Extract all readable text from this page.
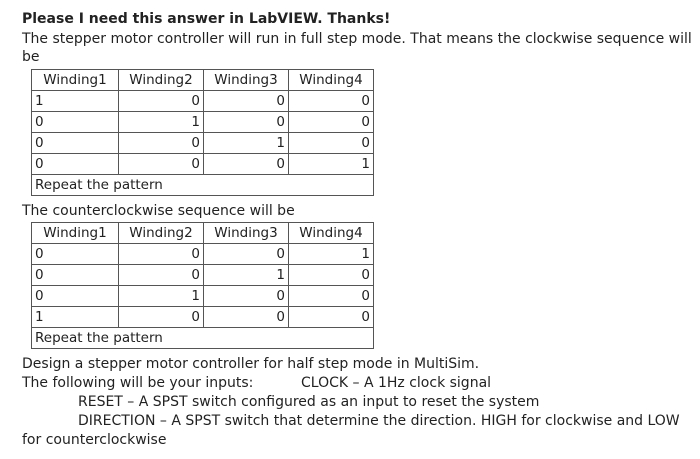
Please I need this answer in LabVIEW. Thanks!
The stepper motor controller will run in full step mode. That means the clockwise sequence will
be
Winding1	Winding2	Winding3	Winding4
1	0	0	0
0	1	0	0
0	0	1	0
0	0	0	1
Repeat the pattern			
The counterclockwise sequence will be
Winding1	Winding2	Winding3	Winding4
0	0	0	1
0	0	1	0
0	1	0	0
1	0	0	0
Repeat the pattern			
Design a stepper motor controller for half step mode in MultiSim.
The following will be your inputs:	CLOCK – A 1Hz clock signal
RESET – A SPST switch configured as an input to reset the system
DIRECTION – A SPST switch that determine the direction. HIGH for clockwise and LOW
for counterclockwise
